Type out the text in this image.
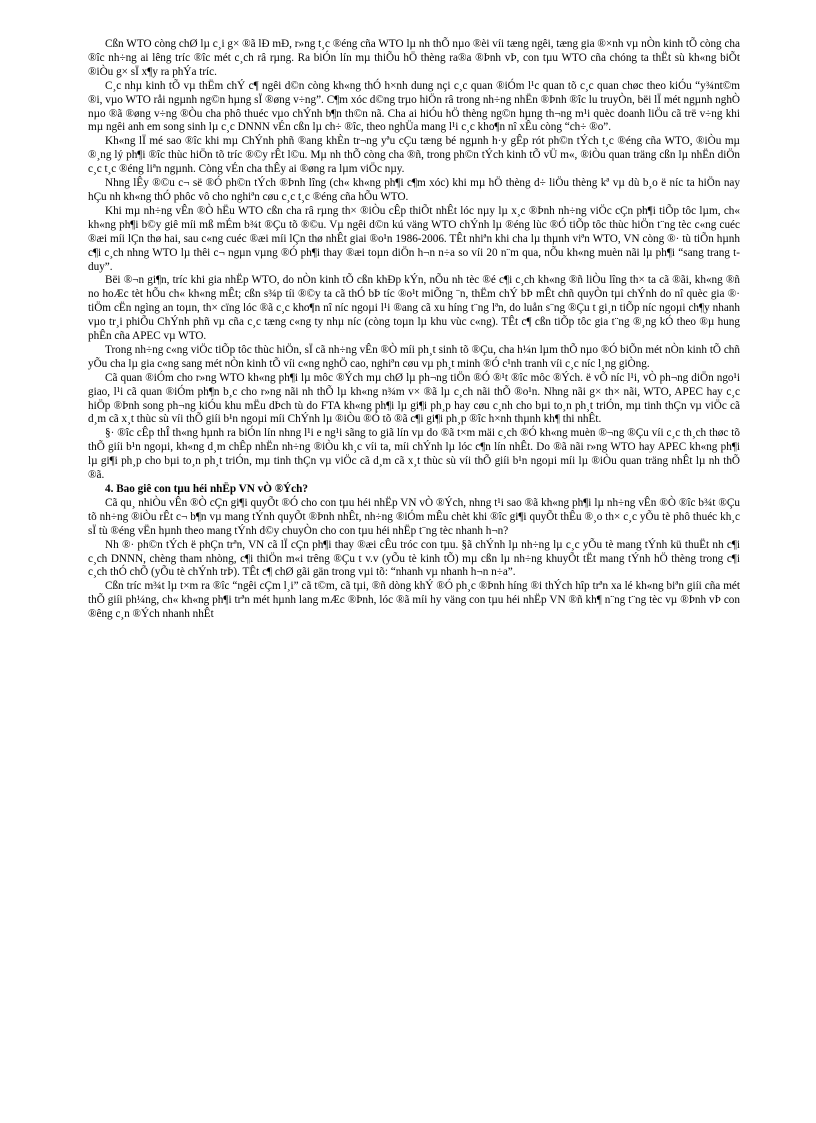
Cßn WTO còng chØ lµ c¸i g× ®ã lÐ mÐ, r»ng t¸c ®éng cña WTO lµ nh thÕ nµo ®èi víi tæng ngêi, tæng gia ®×nh vµ nÒn kinh tÕ còng cha ®îc nh÷ng ai lêng tríc ®îc mét c¸ch râ rµng. Ra biÓn lín mµ thiÕu hÖ thèng ra®a ®Þnh vÞ, con tµu WTO cña chóng ta thËt sù kh«ng biÕt ®iÒu g× sÏ x¶y ra phÝa tríc.

C¸c nhµ kinh tÕ vµ thËm chÝ c¶ ngêi d©n còng kh«ng thÓ h×nh dung nçi c¸c quan ®iÓm l¹c quan tõ c¸c quan chøc theo kiÓu “y¾nt©m ®i, vµo WTO råi ngµnh ng©n hµng sÏ ®øng v÷ng”. C¶m xóc d©ng trµo hiÖn râ trong nh÷ng nhËn ®Þnh ®îc lu truyÒn, bëi lÏ mét ngµnh nghÒ nµo ®ã ®øng v÷ng ®Òu cha phô thuéc vµo chÝnh b¶n th©n nã. Cha ai hiÓu hÖ thèng ng©n hµng th¬ng m¹i quèc doanh liÖu cã trë v÷ng khi mµ ngêi anh em song sinh lµ c¸c DNNN vÉn cßn lµ ch÷ ®îc, theo nghÜa mang l¹i c¸c kho¶n nî xÊu còng “ch÷ ®o”.

Kh«ng lÏ mé sao ®îc khi mµ ChÝnh phñ ®ang khÈn tr¬ng yªu cÇu tæng bé ngµnh h·y gÊp rót ph©n tÝch t¸c ®éng cña WTO, ®iÒu mµ ®¸ng lý ph¶i ®îc thùc hiÖn tõ tríc ®©y rÊt l©u. Mµ nh thÕ còng cha ®ñ, trong ph©n tÝch kinh tÕ vÜ m«, ®iÒu quan träng cßn lµ nhËn diÖn c¸c t¸c ®éng liªn ngµnh. Còng vÉn cha thÊy ai ®øng ra lµm viÖc nµy.

Nhng lÊy ®©u c¬ së ®Ó ph©n tÝch ®Þnh lîng (ch« kh«ng ph¶i c¶m xóc) khi mµ hÖ thèng d÷ liÖu thèng kª vµ dù b¸o ë níc ta hiÖn nay hÇu nh kh«ng thÓ phôc vô cho nghiªn cøu c¸c t¸c ®éng cña hÕu WTO.

Khi mµ nh÷ng vÊn ®Ò hËu WTO cßn cha râ rµng th× ®iÒu cÊp thiÕt nhÊt lóc nµy lµ x¸c ®Þnh nh÷ng viÖc cÇn ph¶i tiÕp tôc lµm, ch« kh«ng ph¶i b©y giê míi mß mÉm b¾t ®Çu tõ ®©u. Vµ ngêi d©n kú väng WTO chÝnh lµ ®éng lùc ®Ó tiÕp tôc thùc hiÖn t¨ng tèc c«ng cuéc ®æi míi lÇn thø hai, sau c«ng cuéc ®æi míi lÇn thø nhÊt giai ®o¹n 1986-2006. TÊt nhiªn khi cha lµ thµnh viªn WTO, VN còng ®· tù tiÕn hµnh c¶i c¸ch nhng WTO lµ thêi c¬ ngµn vµng ®Ó ph¶i thay ®æi toµn diÖn h¬n n÷a so víi 20 n¨m qua, nÕu kh«ng muèn nãi lµ ph¶i “sang trang t duy”.

Bëi ®¬n gi¶n, tríc khi gia nhËp WTO, do nÒn kinh tÕ cßn khÐp kÝn, nÕu nh tèc ®é c¶i c¸ch kh«ng ®ñ liÒu lîng th× ta cã ®ãi, kh«ng ®ñ no hoÆc tèt hÕu ch« kh«ng mÊt; cßn s¾p tíi ®©y ta cã thÓ bÞ tíc ®o¹t miÕng ¨n, thËm chÝ bÞ mÊt chñ quyÒn tµi chÝnh do nî quèc gia ®· tiÖm cËn ngìng an toµn, th× cïng lóc ®ã c¸c kho¶n nî níc ngoµi l¹i ®ang cã xu híng t¨ng lªn, do luån s¨ng ®Çu t gi¸n tiÕp níc ngoµi ch¶y nhanh vµo tr¸i phiÕu ChÝnh phñ vµ cña c¸c tæng c«ng ty nhµ níc (còng toµn lµ khu vùc c«ng). TÊt c¶ cßn tiÕp tôc gia t¨ng ®¸ng kÓ theo ®µ hung phÊn cña APEC vµ WTO.

Trong nh÷ng c«ng viÖc tiÕp tôc thùc hiÖn, sÏ cã nh÷ng vÊn ®Ò míi ph¸t sinh tõ ®Çu, cha h¼n lµm thÕ nµo ®Ó biÕn mét nÒn kinh tÕ chñ yÕu cha lµ gia c«ng sang mét nÒn kinh tÕ víi c«ng nghÖ cao, nghiªn cøu vµ ph¸t minh ®Ó c¹nh tranh víi c¸c níc l¸ng giÒng.

Cã quan ®iÓm cho r»ng WTO kh«ng ph¶i lµ môc ®Ých mµ chØ lµ ph¬ng tiÖn ®Ó ®¹t ®îc môc ®Ých. ë vÕ níc l¹i, vÒ ph¬ng diÖn ngo¹i giao, l¹i cã quan ®iÓm ph¶n b¸c cho r»ng nãi nh thÕ lµ kh«ng n¾m v× ®ã lµ c¸ch nãi thÕ ®o¹n. Nhng nãi g× th× nãi, WTO, APEC hay c¸c hiÖp ®Þnh song ph¬ng kiÓu khu mËu dÞch tù do FTA kh«ng ph¶i lµ gi¶i ph¸p hay cøu c¸nh cho bµi to¸n ph¸t triÓn, mµ tinh thÇn vµ viÖc cã d¸m cã x¸t thùc sù víi thÕ giíi b¹n ngoµi míi ChÝnh lµ ®iÒu ®Ó tõ ®ã c¶i gi¶i ph¸p ®îc h×nh thµnh kh¶ thi nhÊt.

§· ®îc cÊp thÎ th«ng hµnh ra biÓn lín nhng l¹i e ng¹i sãng to giã lín vµ do ®ã t×m mäi c¸ch ®Ó kh«ng muèn ®¬ng ®Çu víi c¸c th¸ch thøc tõ thÕ giíi b¹n ngoµi, kh«ng d¸m chÊp nhËn nh÷ng ®iÒu kh¸c víi ta, míi chÝnh lµ lóc c¶n lín nhÊt. Do ®ã nãi r»ng WTO hay APEC kh«ng ph¶i lµ gi¶i ph¸p cho bµi to¸n ph¸t triÓn, mµ tinh thÇn vµ viÖc cã d¸m cã x¸t thùc sù víi thÕ giíi b¹n ngoµi míi lµ ®iÒu quan träng nhÊt lµ nh thÕ ®ã.

4. Bao giê con tµu héi nhËp VN vÒ ®Ých?

Cã qu¸ nhiÒu vÊn ®Ò cÇn gi¶i quyÕt ®Ó cho con tµu héi nhËp VN vÒ ®Ých, nhng t¹i sao ®ã kh«ng ph¶i lµ nh÷ng vÊn ®Ò ®îc b¾t ®Çu tõ nh÷ng ®iÒu rÊt c¬ b¶n vµ mang tÝnh quyÕt ®Þnh nhÊt, nh÷ng ®iÓm mÊu chèt khi ®îc gi¶i quyÕt thÊu ®¸o th× c¸c yÕu tè phô thuéc kh¸c sÏ tù ®éng vËn hµnh theo mang tÝnh d©y chuyÒn cho con tµu héi nhËp t¨ng tèc nhanh h¬n?

Nh ®· ph©n tÝch ë phÇn trªn, VN cã lÏ cÇn ph¶i thay ®æi cÊu tróc con tµu. §ã chÝnh lµ nh÷ng lµ c¸c yÕu tè mang tÝnh kü thuËt nh c¶i c¸ch DNNN, chèng tham nhòng, c¶i thiÖn m«i trêng ®Çu t v.v (yÕu tè kinh tÕ) mµ cßn lµ nh÷ng khuyÕt tËt mang tÝnh hÖ thèng trong c¶i c¸ch thÓ chÕ (yÕu tè chÝnh trÞ). TÊt c¶ chØ gãi gän trong vµi tõ: “nhanh vµ nhanh h¬n n÷a”.

Cßn tríc m¾t lµ t×m ra ®îc “ngêi cÇm l¸i” cã t©m, cã tµi, ®ñ dòng khÝ ®Ó ph¸c ®Þnh híng ®i thÝch hîp trªn xa lé kh«ng biªn giíi cña mét thÕ giíi ph¼ng, ch« kh«ng ph¶i trªn mét hµnh lang mÆc ®Þnh, lóc ®ã míi hy väng con tµu héi nhËp VN ®ñ kh¶ n¨ng t¨ng tèc vµ ®Þnh vÞ con ®êng c¸n ®Ých nhanh nhÊt
